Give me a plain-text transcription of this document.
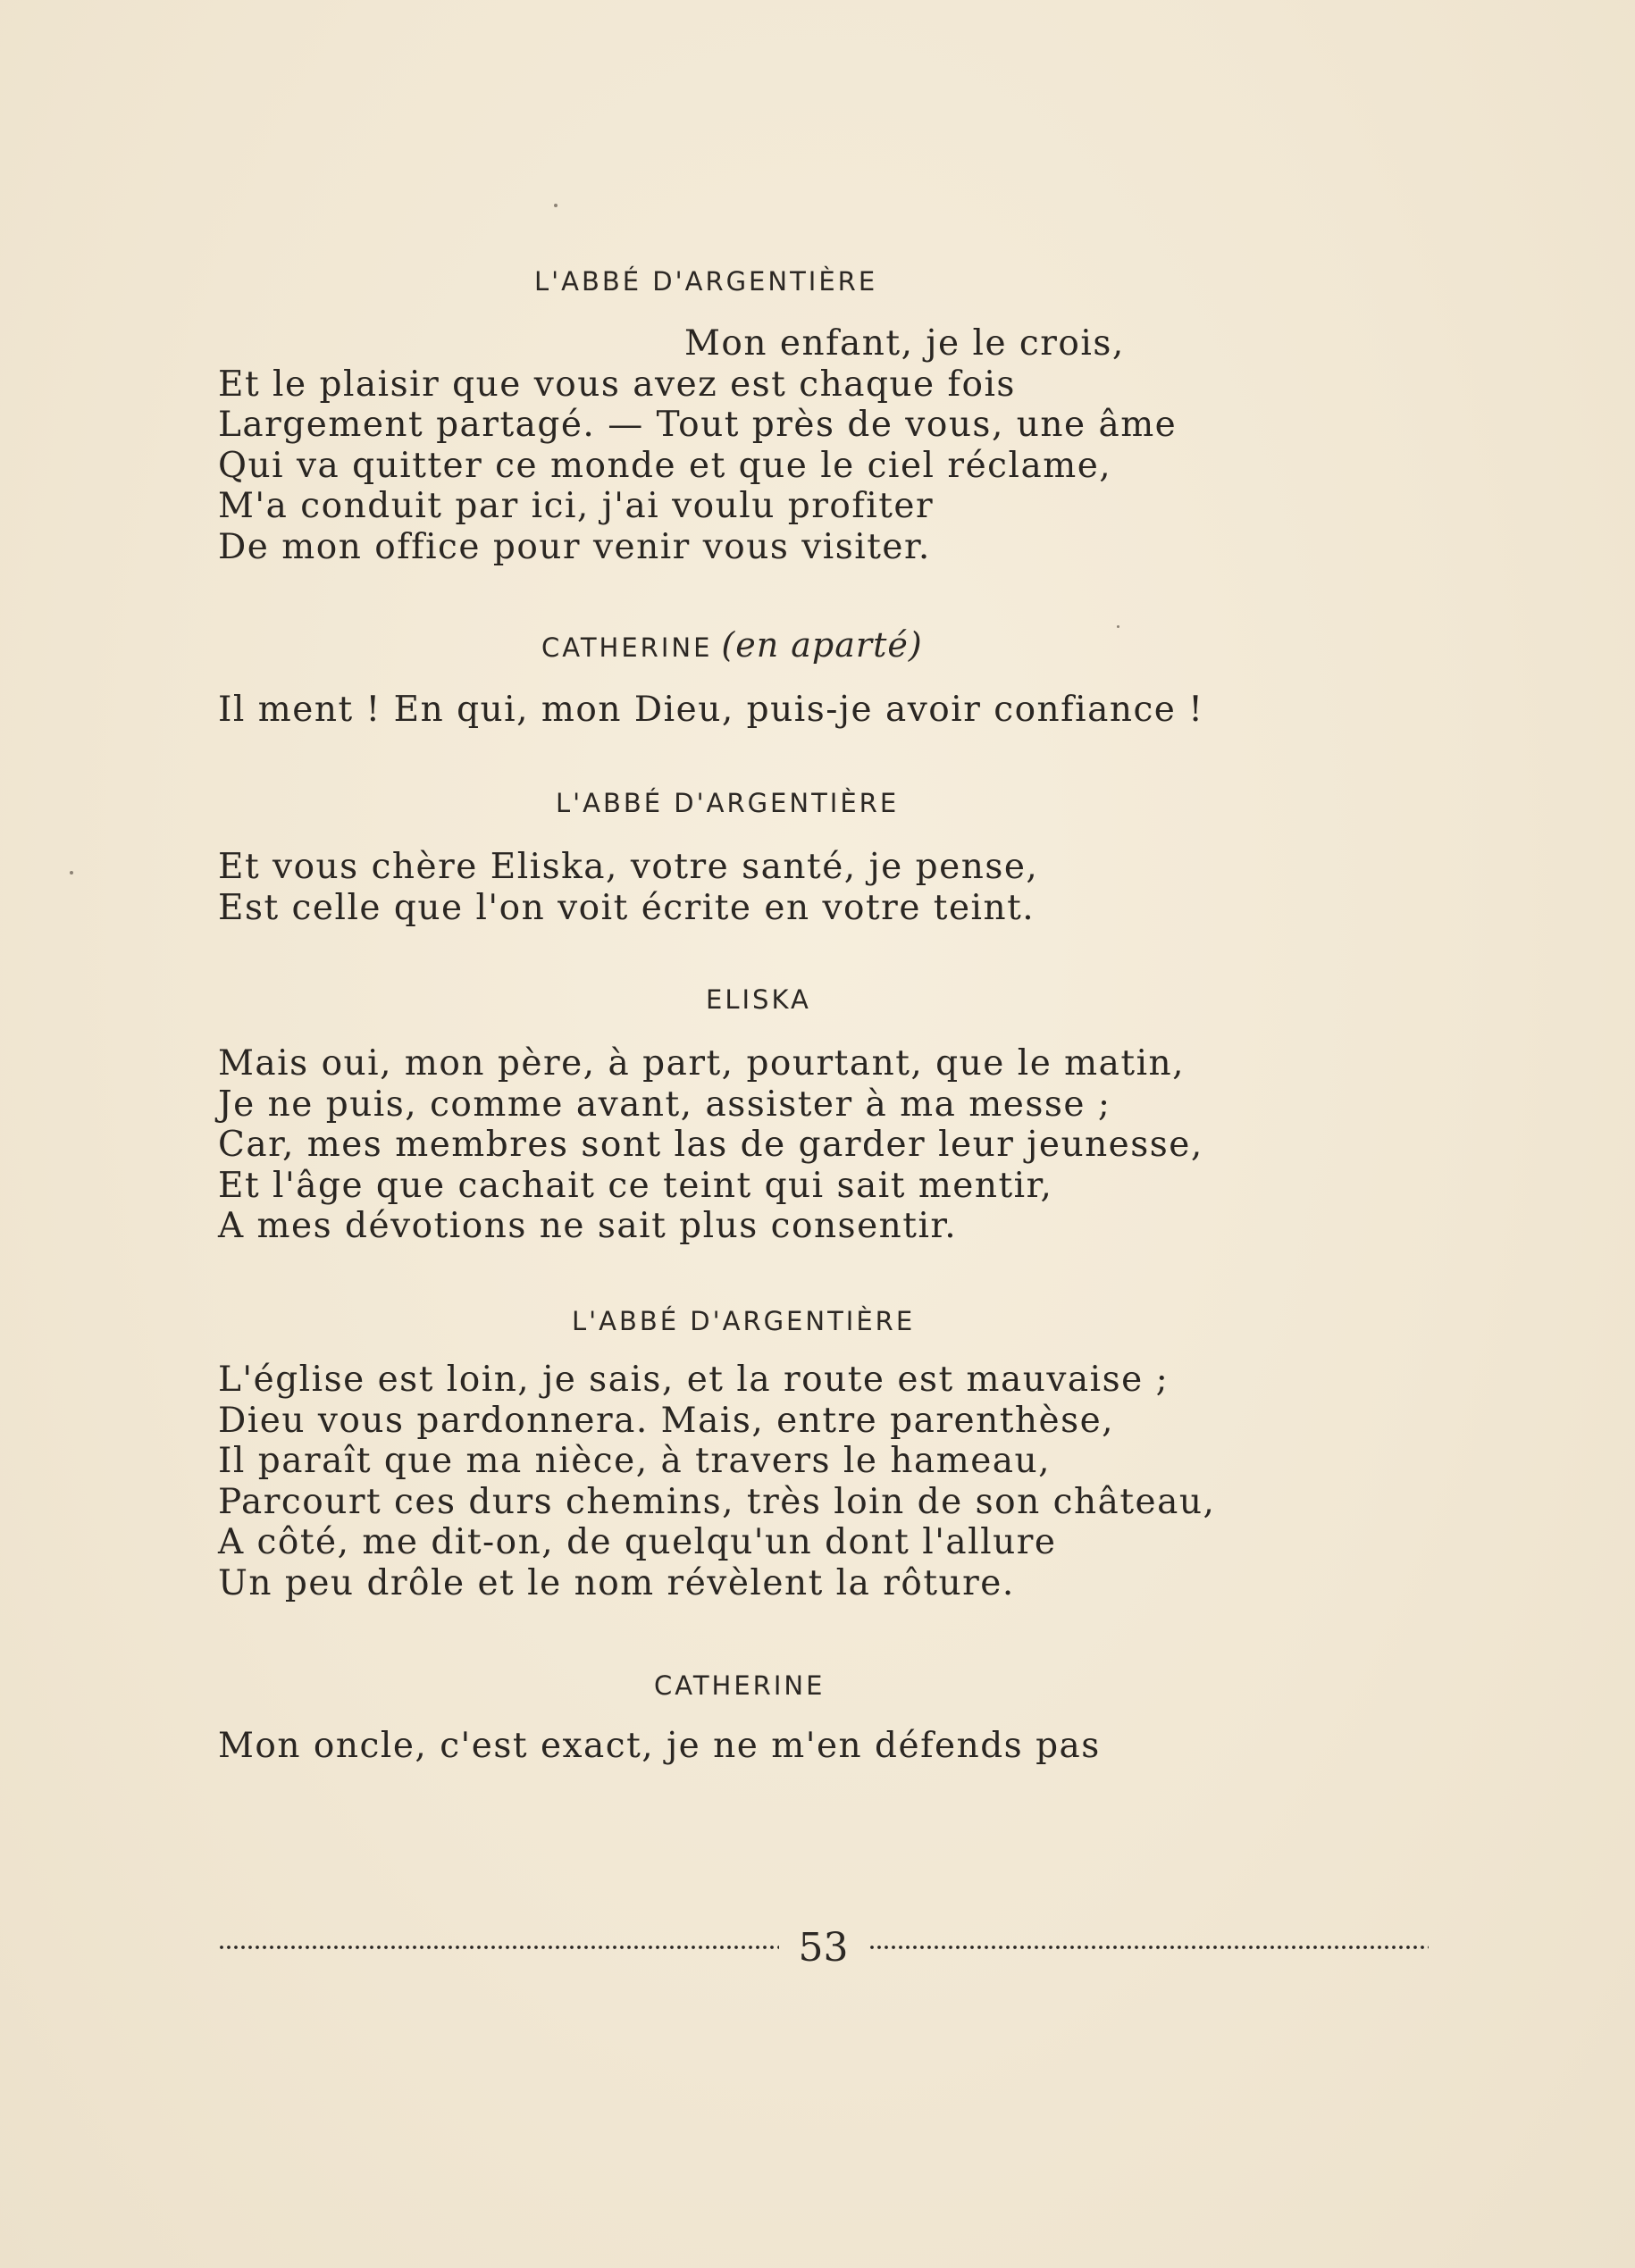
L'ABBÉ D'ARGENTIÈRE
Mon enfant, je le crois,
Et le plaisir que vous avez est chaque fois
Largement partagé. — Tout près de vous, une âme
Qui va quitter ce monde et que le ciel réclame,
M'a conduit par ici, j'ai voulu profiter
De mon office pour venir vous visiter.
CATHERINE (en aparté)
Il ment ! En qui, mon Dieu, puis-je avoir confiance !
L'ABBÉ D'ARGENTIÈRE
Et vous chère Eliska, votre santé, je pense,
Est celle que l'on voit écrite en votre teint.
ELISKA
Mais oui, mon père, à part, pourtant, que le matin,
Je ne puis, comme avant, assister à ma messe ;
Car, mes membres sont las de garder leur jeunesse,
Et l'âge que cachait ce teint qui sait mentir,
A mes dévotions ne sait plus consentir.
L'ABBÉ D'ARGENTIÈRE
L'église est loin, je sais, et la route est mauvaise ;
Dieu vous pardonnera. Mais, entre parenthèse,
Il paraît que ma nièce, à travers le hameau,
Parcourt ces durs chemins, très loin de son château,
A côté, me dit-on, de quelqu'un dont l'allure
Un peu drôle et le nom révèlent la rôture.
CATHERINE
Mon oncle, c'est exact, je ne m'en défends pas
53
